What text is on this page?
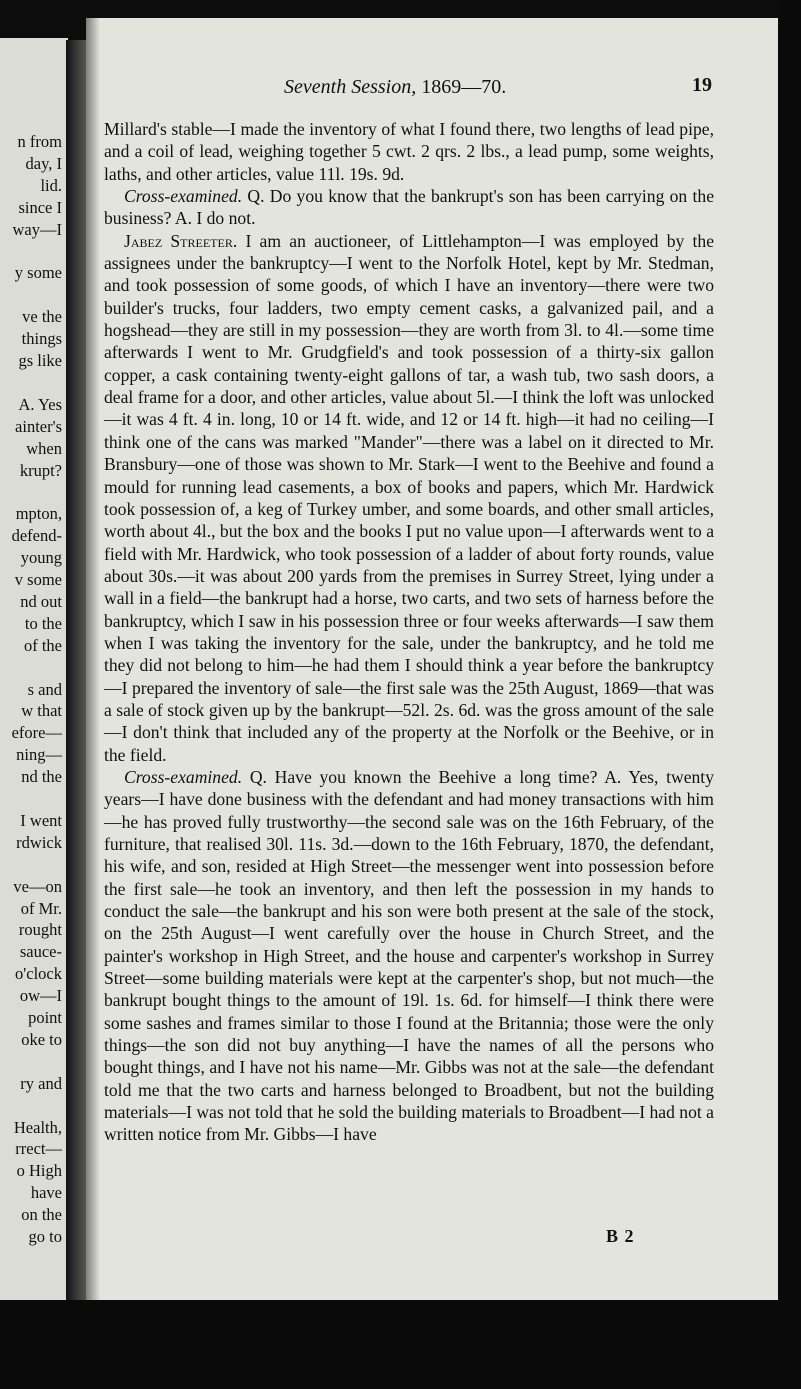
n from
day, I
lid.
since I
way—I
y some
ve the
things
gs like
A. Yes
ainter's
when
krupt?
mpton,
defend-
young
v some
nd out
to the
of the
s and
w that
efore—
ning—
nd the
I went
rdwick
ve—on
of Mr.
rought
sauce-
o'clock
ow—I
point
oke to
ry and
Health,
rrect—
o High
have
on the
go to
Seventh Session, 1869—70.	19

Millard's stable—I made the inventory of what I found there, two lengths of lead pipe, and a coil of lead, weighing together 5 cwt. 2 qrs. 2 lbs., a lead pump, some weights, laths, and other articles, value 11l. 19s. 9d.

Cross-examined. Q. Do you know that the bankrupt's son has been carrying on the business? A. I do not.

Jabez Streeter. I am an auctioneer, of Littlehampton—I was employed by the assignees under the bankruptcy—I went to the Norfolk Hotel, kept by Mr. Stedman, and took possession of some goods, of which I have an inventory—there were two builder's trucks, four ladders, two empty cement casks, a galvanized pail, and a hogshead—they are still in my possession—they are worth from 3l. to 4l.—some time afterwards I went to Mr. Grudgfield's and took possession of a thirty-six gallon copper, a cask containing twenty-eight gallons of tar, a wash tub, two sash doors, a deal frame for a door, and other articles, value about 5l.—I think the loft was unlocked—it was 4 ft. 4 in. long, 10 or 14 ft. wide, and 12 or 14 ft. high—it had no ceiling—I think one of the cans was marked "Mander"—there was a label on it directed to Mr. Bransbury—one of those was shown to Mr. Stark—I went to the Beehive and found a mould for running lead casements, a box of books and papers, which Mr. Hardwick took possession of, a keg of Turkey umber, and some boards, and other small articles, worth about 4l., but the box and the books I put no value upon—I afterwards went to a field with Mr. Hardwick, who took possession of a ladder of about forty rounds, value about 30s.—it was about 200 yards from the premises in Surrey Street, lying under a wall in a field—the bankrupt had a horse, two carts, and two sets of harness before the bankruptcy, which I saw in his possession three or four weeks afterwards—I saw them when I was taking the inventory for the sale, under the bankruptcy, and he told me they did not belong to him—he had them I should think a year before the bankruptcy—I prepared the inventory of sale—the first sale was the 25th August, 1869—that was a sale of stock given up by the bankrupt—52l. 2s. 6d. was the gross amount of the sale—I don't think that included any of the property at the Norfolk or the Beehive, or in the field.

Cross-examined. Q. Have you known the Beehive a long time? A. Yes, twenty years—I have done business with the defendant and had money transactions with him—he has proved fully trustworthy—the second sale was on the 16th February, of the furniture, that realised 30l. 11s. 3d.—down to the 16th February, 1870, the defendant, his wife, and son, resided at High Street—the messenger went into possession before the first sale—he took an inventory, and then left the possession in my hands to conduct the sale—the bankrupt and his son were both present at the sale of the stock, on the 25th August—I went carefully over the house in Church Street, and the painter's workshop in High Street, and the house and carpenter's workshop in Surrey Street—some building materials were kept at the carpenter's shop, but not much—the bankrupt bought things to the amount of 19l. 1s. 6d. for himself—I think there were some sashes and frames similar to those I found at the Britannia; those were the only things—the son did not buy anything—I have the names of all the persons who bought things, and I have not his name—Mr. Gibbs was not at the sale—the defendant told me that the two carts and harness belonged to Broadbent, but not the building materials—I was not told that he sold the building materials to Broadbent—I had not a written notice from Mr. Gibbs—I have

B 2
